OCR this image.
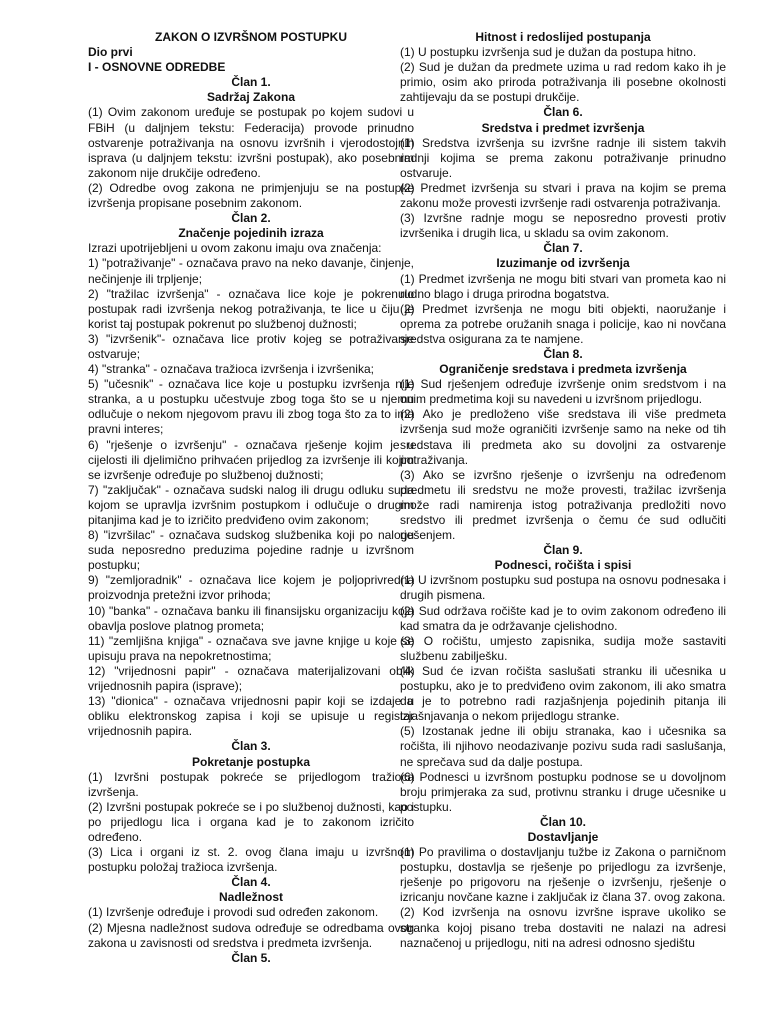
ZAKON O IZVRŠNOM POSTUPKU
Dio prvi
I - OSNOVNE ODREDBE
Član 1.
Sadržaj Zakona

(1) Ovim zakonom uređuje se postupak po kojem sudovi u FBiH (u daljnjem tekstu: Federacija) provode prinudno ostvarenje potraživanja na osnovu izvršnih i vjerodostojnih isprava (u daljnjem tekstu: izvršni postupak), ako posebnim zakonom nije drukčije određeno.

(2) Odredbe ovog zakona ne primjenjuju se na postupke izvršenja propisane posebnim zakonom.

Član 2.
Značenje pojedinih izraza

Izrazi upotrijebljeni u ovom zakonu imaju ova značenja:

1) "potraživanje" - označava pravo na neko davanje, činjenje, nečinjenje ili trpljenje;

2) "tražilac izvršenja" - označava lice koje je pokrenulo postupak radi izvršenja nekog potraživanja, te lice u čiju je korist taj postupak pokrenut po službenoj dužnosti;

3) "izvršenik"- označava lice protiv kojeg se potraživanje ostvaruje;

4) "stranka" - označava tražioca izvršenja i izvršenika;

5) "učesnik" - označava lice koje u postupku izvršenja nije stranka, a u postupku učestvuje zbog toga što se u njemu odlučuje o nekom njegovom pravu ili zbog toga što za to ima pravni interes;

6) "rješenje o izvršenju" - označava rješenje kojim je u cijelosti ili djelimično prihvaćen prijedlog za izvršenje ili kojim se izvršenje određuje po službenoj dužnosti;

7) "zaključak" - označava sudski nalog ili drugu odluku suda kojom se upravlja izvršnim postupkom i odlučuje o drugim pitanjima kad je to izričito predviđeno ovim zakonom;

8) "izvršilac" - označava sudskog službenika koji po nalogu suda neposredno preduzima pojedine radnje u izvršnom postupku;

9) "zemljoradnik" - označava lice kojem je poljoprivredna proizvodnja pretežni izvor prihoda;

10) "banka" - označava banku ili finansijsku organizaciju koja obavlja poslove platnog prometa;

11) "zemljišna knjiga" - označava sve javne knjige u koje se upisuju prava na nepokretnostima;

12) "vrijednosni papir" - označava materijalizovani oblik vrijednosnih papira (isprave);

13) "dionica" - označava vrijednosni papir koji se izdaje u obliku elektronskog zapisa i koji se upisuje u registar vrijednosnih papira.

Član 3.
Pokretanje postupka

(1) Izvršni postupak pokreće se prijedlogom tražioca izvršenja.

(2) Izvršni postupak pokreće se i po službenoj dužnosti, kao i po prijedlogu lica i organa kad je to zakonom izričito određeno.

(3) Lica i organi iz st. 2. ovog člana imaju u izvršnom postupku položaj tražioca izvršenja.

Član 4.
Nadležnost

(1) Izvršenje određuje i provodi sud određen zakonom.

(2) Mjesna nadležnost sudova određuje se odredbama ovog zakona u zavisnosti od sredstva i predmeta izvršenja.

Član 5.
Hitnost i redoslijed postupanja

(1) U postupku izvršenja sud je dužan da postupa hitno.

(2) Sud je dužan da predmete uzima u rad redom kako ih je primio, osim ako priroda potraživanja ili posebne okolnosti zahtijevaju da se postupi drukčije.

Član 6.
Sredstva i predmet izvršenja

(1) Sredstva izvršenja su izvršne radnje ili sistem takvih radnji kojima se prema zakonu potraživanje prinudno ostvaruje.

(2) Predmet izvršenja su stvari i prava na kojim se prema zakonu može provesti izvršenje radi ostvarenja potraživanja.

(3) Izvršne radnje mogu se neposredno provesti protiv izvršenika i drugih lica, u skladu sa ovim zakonom.

Član 7.
Izuzimanje od izvršenja

(1) Predmet izvršenja ne mogu biti stvari van prometa kao ni rudno blago i druga prirodna bogatstva.

(2) Predmet izvršenja ne mogu biti objekti, naoružanje i oprema za potrebe oružanih snaga i policije, kao ni novčana sredstva osigurana za te namjene.

Član 8.
Ograničenje sredstava i predmeta izvršenja

(1) Sud rješenjem određuje izvršenje onim sredstvom i na onim predmetima koji su navedeni u izvršnom prijedlogu.

(2) Ako je predloženo više sredstava ili više predmeta izvršenja sud može ograničiti izvršenje samo na neke od tih sredstava ili predmeta ako su dovoljni za ostvarenje potraživanja.

(3) Ako se izvršno rješenje o izvršenju na određenom predmetu ili sredstvu ne može provesti, tražilac izvršenja može radi namirenja istog potraživanja predložiti novo sredstvo ili predmet izvršenja o čemu će sud odlučiti rješenjem.

Član 9.
Podnesci, ročišta i spisi

(1) U izvršnom postupku sud postupa na osnovu podnesaka i drugih pismena.

(2) Sud održava ročište kad je to ovim zakonom određeno ili kad smatra da je održavanje cjelishodno.

(3) O ročištu, umjesto zapisnika, sudija može sastaviti službenu zabilješku.

(4) Sud će izvan ročišta saslušati stranku ili učesnika u postupku, ako je to predviđeno ovim zakonom, ili ako smatra da je to potrebno radi razjašnjenja pojedinih pitanja ili izjašnjavanja o nekom prijedlogu stranke.

(5) Izostanak jedne ili obiju stranaka, kao i učesnika sa ročišta, ili njihovo neodazivanje pozivu suda radi saslušanja, ne sprečava sud da dalje postupa.

(6) Podnesci u izvršnom postupku podnose se u dovoljnom broju primjeraka za sud, protivnu stranku i druge učesnike u postupku.

Član 10.
Dostavljanje

(1) Po pravilima o dostavljanju tužbe iz Zakona o parničnom postupku, dostavlja se rješenje po prijedlogu za izvršenje, rješenje po prigovoru na rješenje o izvršenju, rješenje o izricanju novčane kazne i zaključak iz člana 37. ovog zakona.

(2) Kod izvršenja na osnovu izvršne isprave ukoliko se stranka kojoj pisano treba dostaviti ne nalazi na adresi naznačenoj u prijedlogu, niti na adresi odnosno sjedištu
